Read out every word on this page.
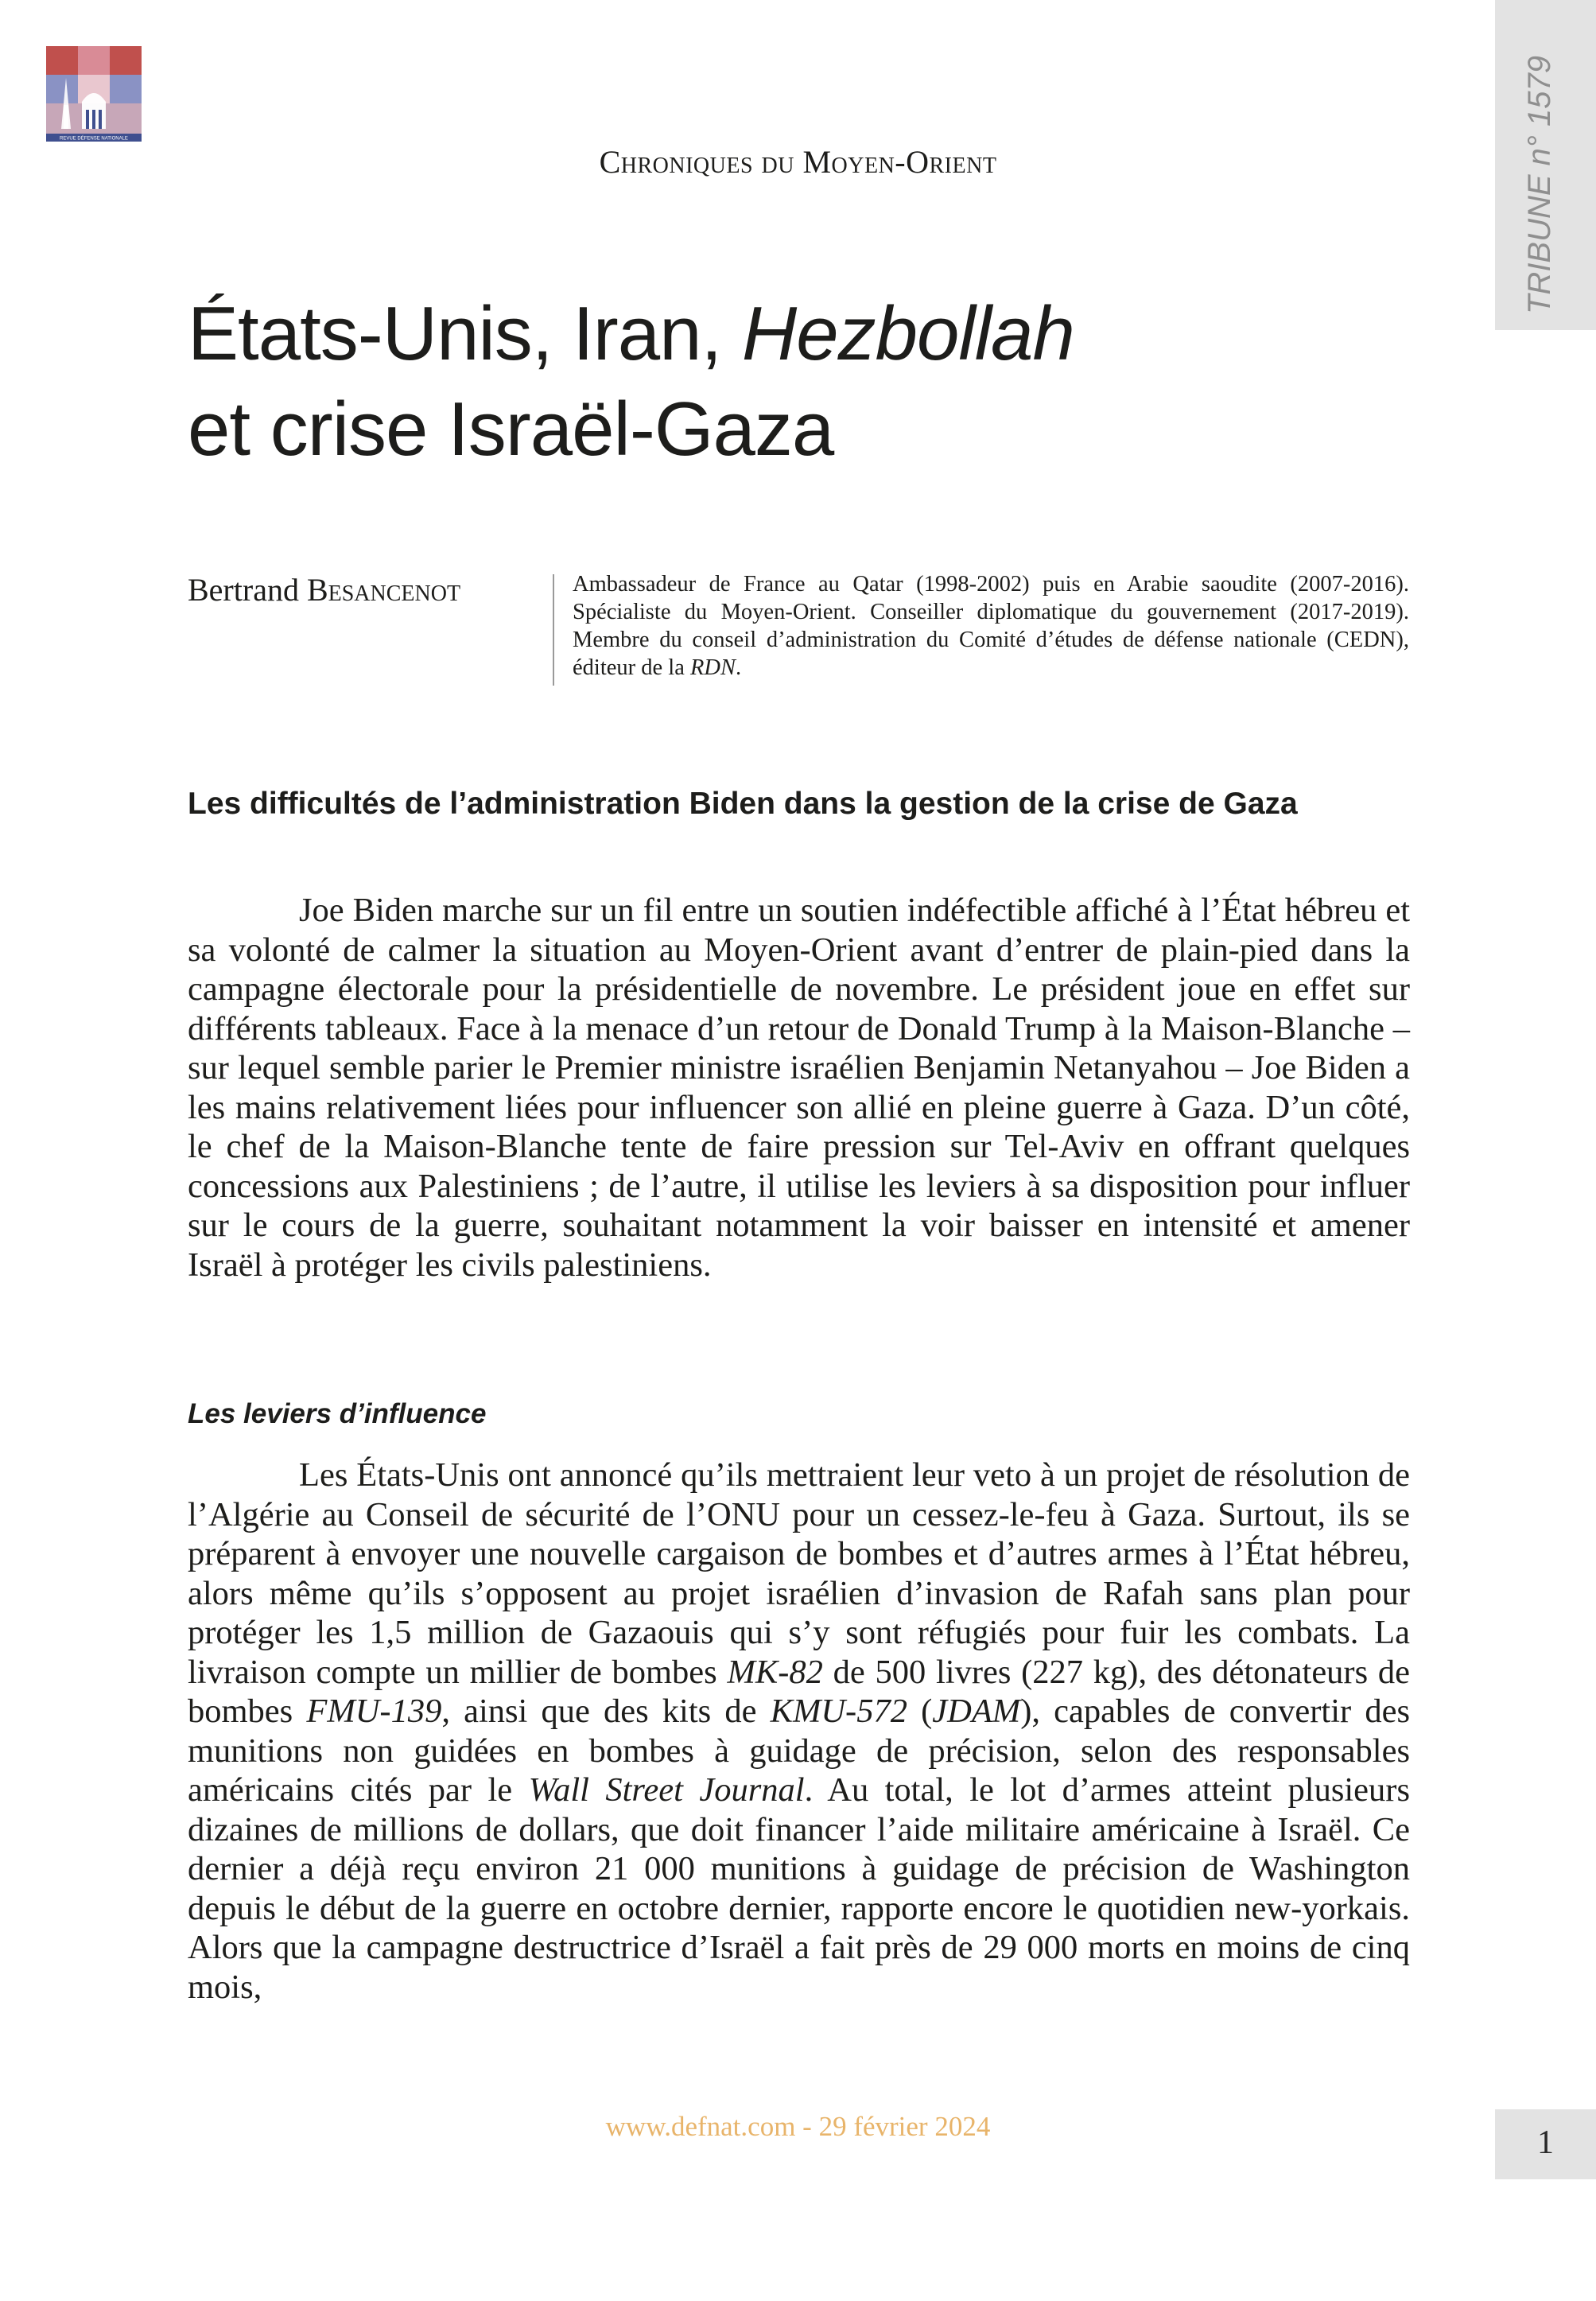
REVUE DÉFENSE NATIONALE	TRIBUNE n° 1579
Chroniques du Moyen-Orient
États-Unis, Iran, Hezbollah
et crise Israël-Gaza
Bertrand Besancenot	Ambassadeur de France au Qatar (1998-2002) puis en Arabie saoudite (2007-2016). Spécialiste du Moyen-Orient. Conseiller diplomatique du gouvernement (2017-2019). Membre du conseil d’administration du Comité d’études de défense nationale (CEDN), éditeur de la RDN.
Les difficultés de l’administration Biden dans la gestion de la crise de Gaza

Joe Biden marche sur un fil entre un soutien indéfectible affiché à l’État hébreu et sa volonté de calmer la situation au Moyen-Orient avant d’entrer de plain-pied dans la campagne électorale pour la présidentielle de novembre. Le président joue en effet sur différents tableaux. Face à la menace d’un retour de Donald Trump à la Maison-Blanche – sur lequel semble parier le Premier ministre israélien Benjamin Netanyahou – Joe Biden a les mains relativement liées pour influencer son allié en pleine guerre à Gaza. D’un côté, le chef de la Maison-Blanche tente de faire pression sur Tel-Aviv en offrant quelques concessions aux Palestiniens ; de l’autre, il utilise les leviers à sa disposition pour influer sur le cours de la guerre, souhaitant notamment la voir baisser en intensité et amener Israël à protéger les civils palestiniens.

Les leviers d’influence

Les États-Unis ont annoncé qu’ils mettraient leur veto à un projet de résolution de l’Algérie au Conseil de sécurité de l’ONU pour un cessez-le-feu à Gaza. Surtout, ils se préparent à envoyer une nouvelle cargaison de bombes et d’autres armes à l’État hébreu, alors même qu’ils s’opposent au projet israélien d’invasion de Rafah sans plan pour protéger les 1,5 million de Gazaouis qui s’y sont réfugiés pour fuir les combats. La livraison compte un millier de bombes MK-82 de 500 livres (227 kg), des détonateurs de bombes FMU-139, ainsi que des kits de KMU-572 (JDAM), capables de convertir des munitions non guidées en bombes à guidage de précision, selon des responsables américains cités par le Wall Street Journal. Au total, le lot d’armes atteint plusieurs dizaines de millions de dollars, que doit financer l’aide militaire américaine à Israël. Ce dernier a déjà reçu environ 21 000 munitions à guidage de précision de Washington depuis le début de la guerre en octobre dernier, rapporte encore le quotidien new-yorkais. Alors que la campagne destructrice d’Israël a fait près de 29 000 morts en moins de cinq mois,

www.defnat.com - 29 février 2024	1
